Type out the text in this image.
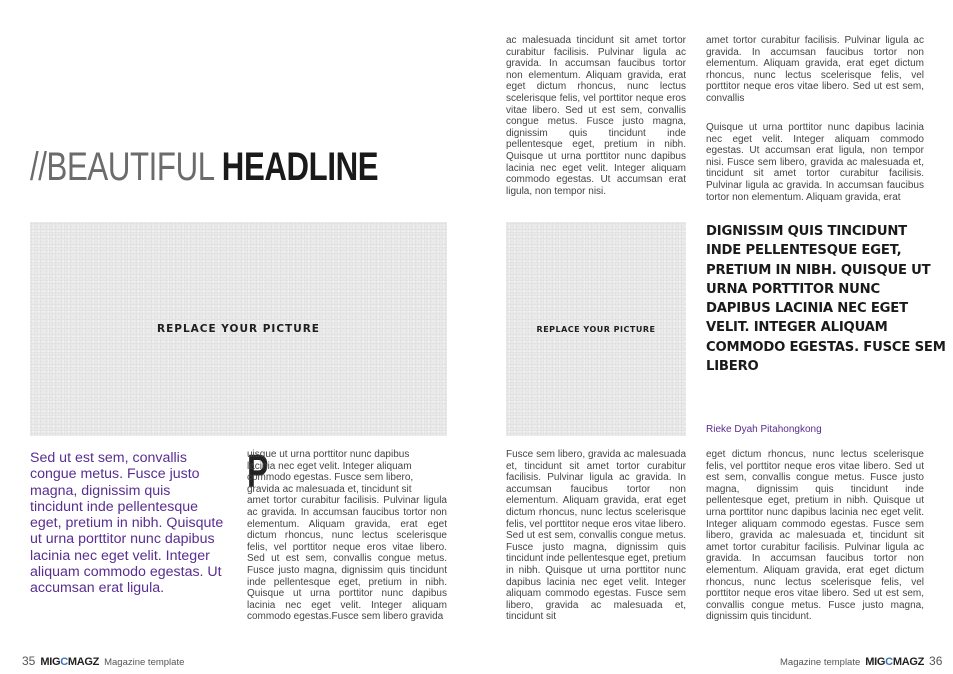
//BEAUTIFUL HEADLINE
REPLACE YOUR PICTURE
Sed ut est sem, convallis congue metus. Fusce justo magna, dignissim quis tincidunt inde pellentesque eget, pretium in nibh. Quisqute ut urna porttitor nunc dapibus lacinia nec eget velit. Integer aliquam commodo egestas. Ut accumsan erat ligula.
P

uisque ut urna porttitor nunc dapibus
lacinia nec eget velit. Integer aliquam
commodo egestas. Fusce sem libero,
gravida ac malesuada et, tincidunt sit
amet tortor curabitur facilisis. Pulvinar ligula ac gravida. In accumsan faucibus tortor non elementum. Aliquam gravida, erat eget dictum rhoncus, nunc lectus scelerisque felis, vel porttitor neque eros vitae libero. Sed ut est sem, convallis congue metus. Fusce justo magna, dignissim quis tincidunt inde pellentesque eget, pretium in nibh. Quisque ut urna porttitor nunc dapibus lacinia nec eget velit. Integer aliquam commodo egestas.Fusce sem libero gravida

ac malesuada tincidunt sit amet tortor curabitur facilisis. Pulvinar ligula ac gravida. In accumsan faucibus tortor non elementum. Aliquam gravida, erat eget dictum rhoncus, nunc lectus scelerisque felis, vel porttitor neque eros vitae libero. Sed ut est sem, convallis congue metus. Fusce justo magna, dignissim quis tincidunt inde pellentesque eget, pretium in nibh. Quisque ut urna porttitor nunc dapibus lacinia nec eget velit. Integer aliquam commodo egestas. Ut accumsan erat ligula, non tempor nisi.

amet tortor curabitur facilisis. Pulvinar ligula ac gravida. In accumsan faucibus tortor non elementum. Aliquam gravida, erat eget dictum rhoncus, nunc lectus scelerisque felis, vel porttitor neque eros vitae libero. Sed ut est sem, convallis

Quisque ut urna porttitor nunc dapibus lacinia nec eget velit. Integer aliquam commodo egestas. Ut accumsan erat ligula, non tempor nisi. Fusce sem libero, gravida ac malesuada et, tincidunt sit amet tortor curabitur facilisis. Pulvinar ligula ac gravida. In accumsan faucibus tortor non elementum. Aliquam gravida, erat

REPLACE YOUR PICTURE
DIGNISSIM QUIS TINCIDUNT INDE PELLENTESQUE EGET, PRETIUM IN NIBH. QUISQUE UT URNA PORTTITOR NUNC DAPIBUS LACINIA NEC EGET VELIT. INTEGER ALIQUAM COMMODO EGESTAS. FUSCE SEM LIBERO
Rieke Dyah Pitahongkong

Fusce sem libero, gravida ac malesuada et, tincidunt sit amet tortor curabitur facilisis. Pulvinar ligula ac gravida. In accumsan faucibus tortor non elementum. Aliquam gravida, erat eget dictum rhoncus, nunc lectus scelerisque felis, vel porttitor neque eros vitae libero. Sed ut est sem, convallis congue metus. Fusce justo magna, dignissim quis tincidunt inde pellentesque eget, pretium in nibh. Quisque ut urna porttitor nunc dapibus lacinia nec eget velit. Integer aliquam commodo egestas. Fusce sem libero, gravida ac malesuada et, tincidunt sit

eget dictum rhoncus, nunc lectus scelerisque felis, vel porttitor neque eros vitae libero. Sed ut est sem, convallis congue metus. Fusce justo magna, dignissim quis tincidunt inde pellentesque eget, pretium in nibh. Quisque ut urna porttitor nunc dapibus lacinia nec eget velit. Integer aliquam commodo egestas. Fusce sem libero, gravida ac malesuada et, tincidunt sit amet tortor curabitur facilisis. Pulvinar ligula ac gravida. In accumsan faucibus tortor non elementum. Aliquam gravida, erat eget dictum rhoncus, nunc lectus scelerisque felis, vel porttitor neque eros vitae libero. Sed ut est sem, convallis congue metus. Fusce justo magna, dignissim quis tincidunt.

35 MIGCMAGZ Magazine template	Magazine template MIGCMAGZ 36
